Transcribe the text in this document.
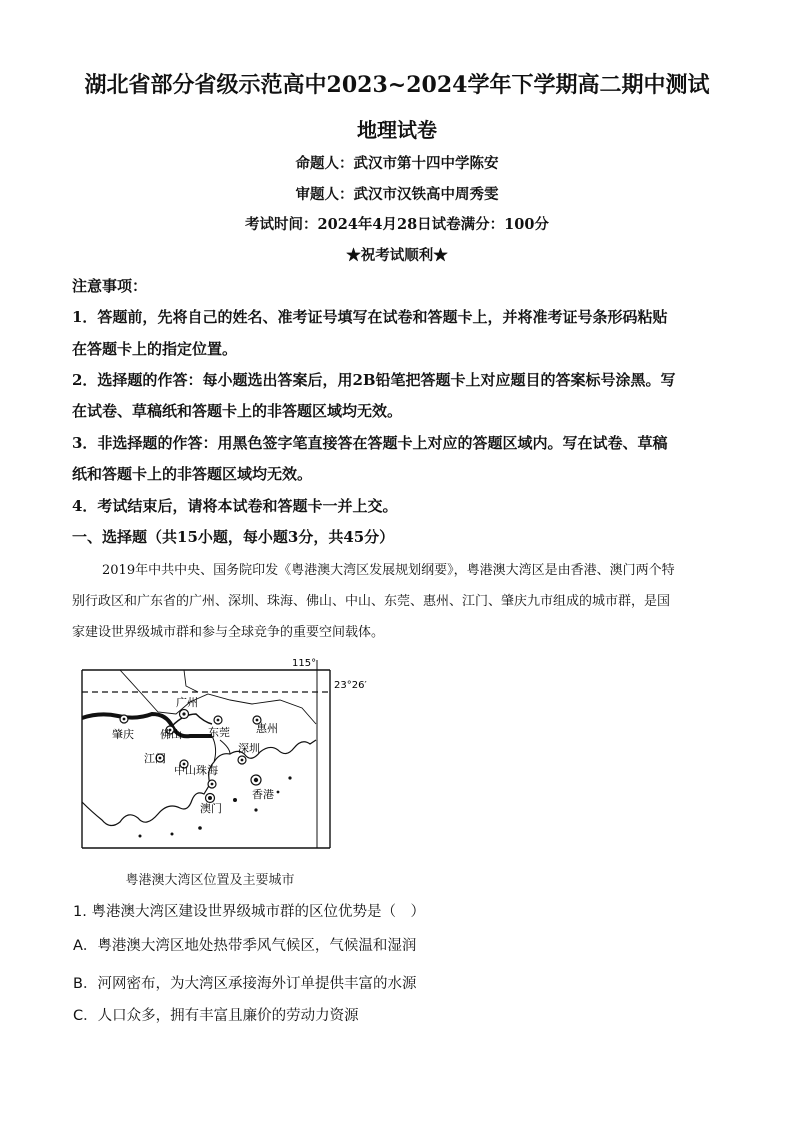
湖北省部分省级示范高中2023~2024学年下学期高二期中测试
地理试卷
命题人：武汉市第十四中学陈安
审题人：武汉市汉铁高中周秀雯
考试时间：2024年4月28日试卷满分：100分
★祝考试顺利★
注意事项：
1．答题前，先将自己的姓名、准考证号填写在试卷和答题卡上，并将准考证号条形码粘贴
在答题卡上的指定位置。
2．选择题的作答：每小题选出答案后，用2B铅笔把答题卡上对应题目的答案标号涂黑。写
在试卷、草稿纸和答题卡上的非答题区域均无效。
3．非选择题的作答：用黑色签字笔直接答在答题卡上对应的答题区域内。写在试卷、草稿
纸和答题卡上的非答题区域均无效。
4．考试结束后，请将本试卷和答题卡一并上交。
一、选择题（共15小题，每小题3分，共45分）
2019年中共中央、国务院印发《粤港澳大湾区发展规划纲要》，粤港澳大湾区是由香港、澳门两个特
别行政区和广东省的广州、深圳、珠海、佛山、中山、东莞、惠州、江门、肇庆九市组成的城市群，是国
家建设世界级城市群和参与全球竞争的重要空间载体。
115°
23°26′
广州
肇庆 佛山 东莞 惠州
深圳
江门
中山 珠海
澳门
香港
粤港澳大湾区位置及主要城市
1. 粤港澳大湾区建设世界级城市群的区位优势是（　）
A．粤港澳大湾区地处热带季风气候区，气候温和湿润
B．河网密布，为大湾区承接海外订单提供丰富的水源
C．人口众多，拥有丰富且廉价的劳动力资源
